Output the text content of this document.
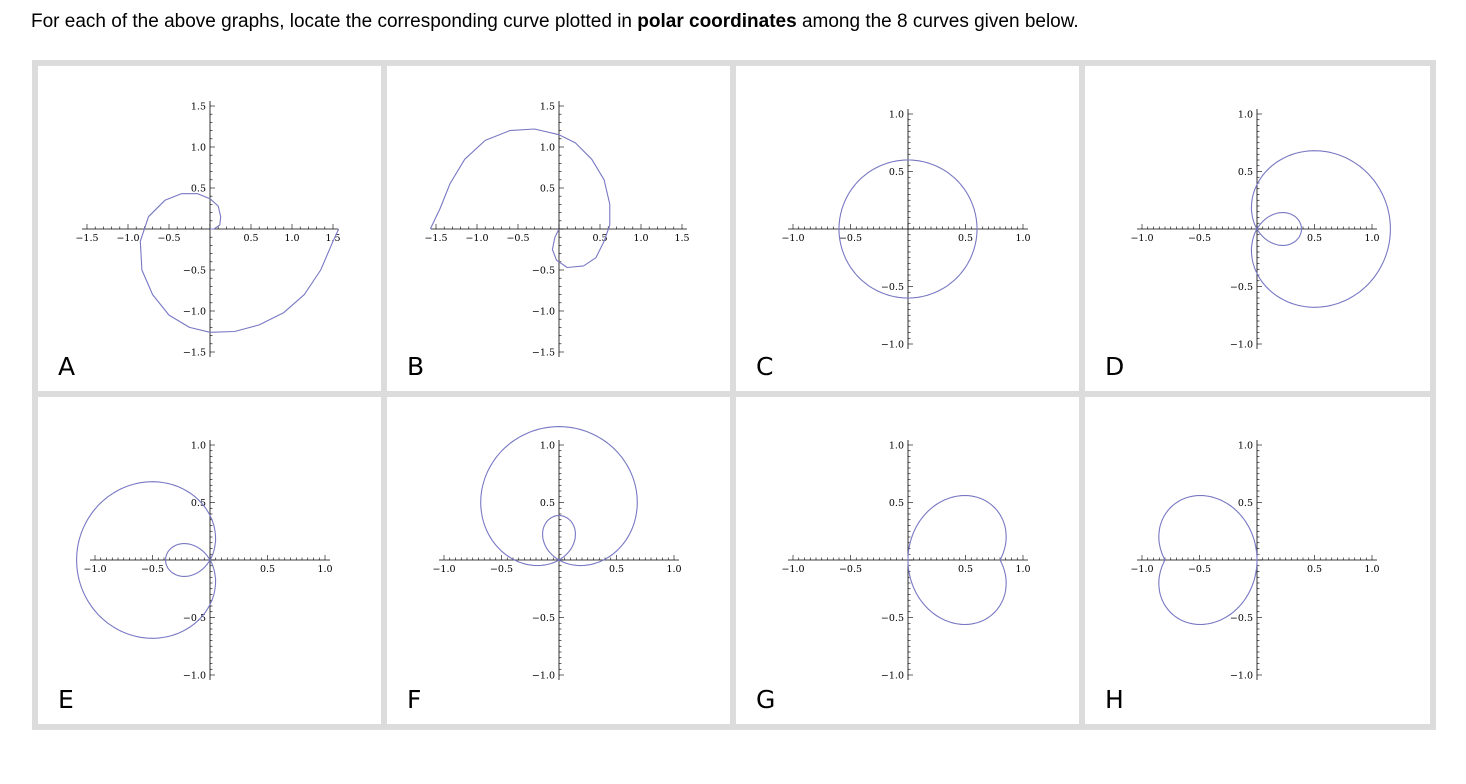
For each of the above graphs, locate the corresponding curve plotted in polar coordinates among the 8 curves given below.
−1.5 −1.0 −0.5	0.5	1.0	1.5
1.5
1.0
0.5
−0.5
−1.0
−1.5
A
−1.5 −1.0 −0.5	0.5	1.0	1.5
1.5
1.0
0.5
−0.5
−1.0
−1.5
B
−1.0	−0.5	0.5	1.0
1.0
0.5
−0.5
−1.0
C
−1.0	−0.5	0.5	1.0
1.0
0.5
−0.5
−1.0
D
−1.0	−0.5	0.5	1.0
1.0
0.5
−0.5
−1.0
E
−1.0	−0.5	0.5	1.0
1.0
0.5
−0.5
−1.0
F
−1.0	−0.5	0.5	1.0
1.0
0.5
−0.5
−1.0
G
−1.0	−0.5	0.5	1.0
1.0
0.5
−0.5
−1.0
H
